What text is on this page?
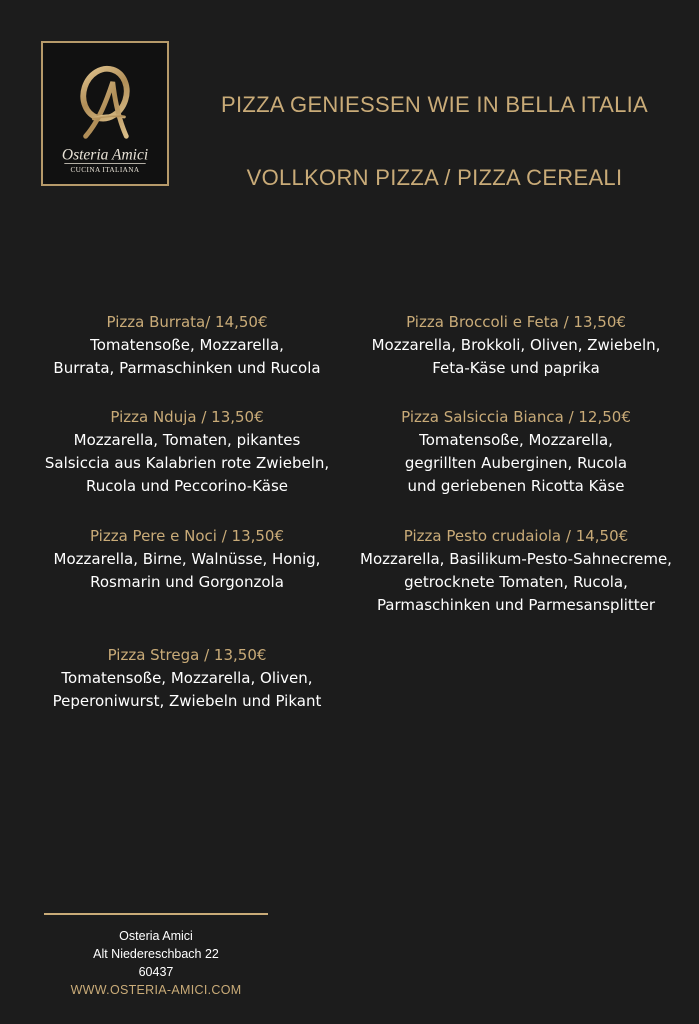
Osteria Amici
CUCINA ITALIANA
PIZZA GENIESSEN WIE IN BELLA ITALIA
VOLLKORN PIZZA / PIZZA CEREALI
Pizza Burrata/ 14,50€
Tomatensoße, Mozzarella,
Burrata, Parmaschinken und Rucola
Pizza Broccoli e Feta / 13,50€
Mozzarella, Brokkoli, Oliven, Zwiebeln,
Feta-Käse und paprika
Pizza Nduja / 13,50€
Mozzarella, Tomaten, pikantes
Salsiccia aus Kalabrien rote Zwiebeln,
Rucola und Peccorino-Käse
Pizza Salsiccia Bianca / 12,50€
Tomatensoße, Mozzarella,
gegrillten Auberginen, Rucola
und geriebenen Ricotta Käse
Pizza Pere e Noci / 13,50€
Mozzarella, Birne, Walnüsse, Honig,
Rosmarin und Gorgonzola
Pizza Pesto crudaiola / 14,50€
Mozzarella, Basilikum-Pesto-Sahnecreme,
getrocknete Tomaten, Rucola,
Parmaschinken und Parmesansplitter
Pizza Strega / 13,50€
Tomatensoße, Mozzarella, Oliven,
Peperoniwurst, Zwiebeln und Pikant
Osteria Amici
Alt Niedereschbach 22
60437
WWW.OSTERIA-AMICI.COM
